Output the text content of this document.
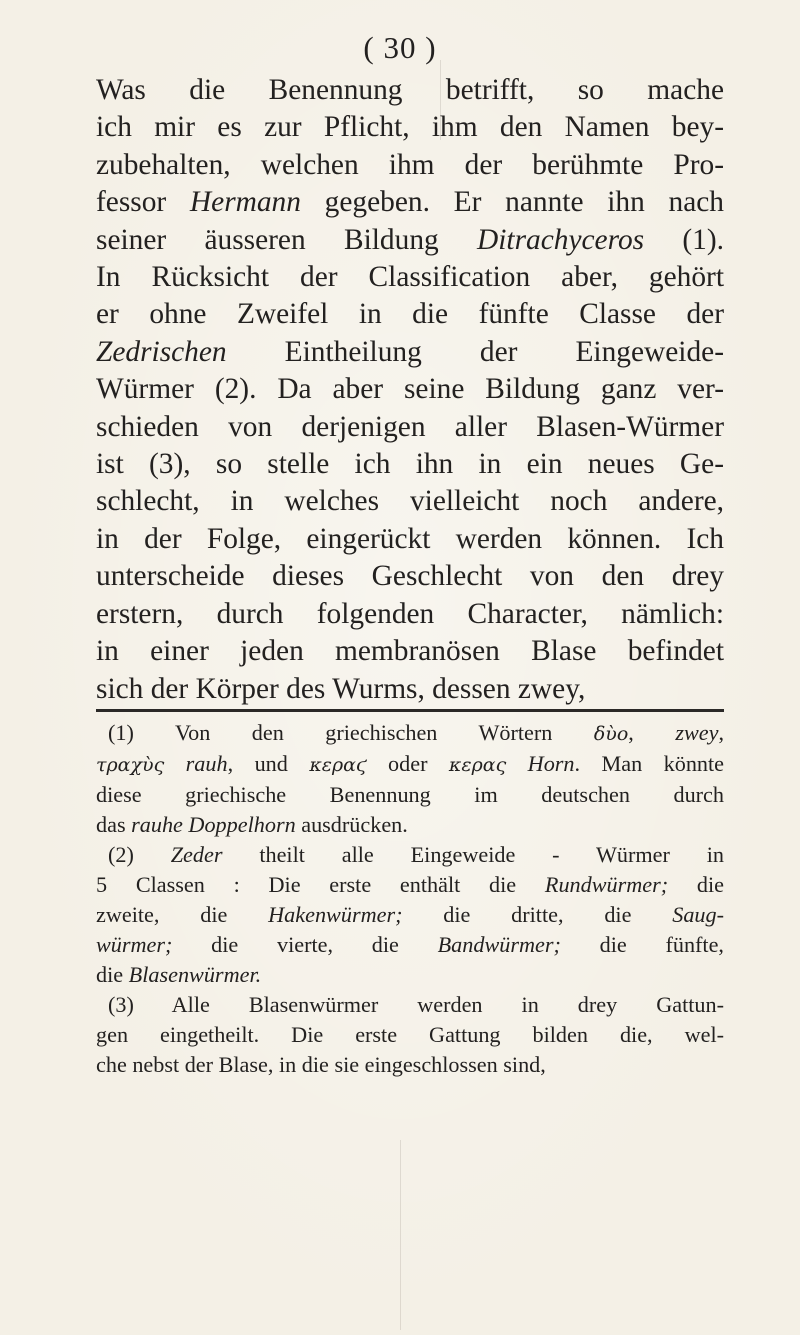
( 30 )
Was die Benennung betrifft, so mache
ich mir es zur Pflicht, ihm den Namen bey-
zubehalten, welchen ihm der berühmte Pro-
fessor Hermann gegeben. Er nannte ihn nach
seiner äusseren Bildung Ditrachyceros (1).
In Rücksicht der Classification aber, gehört
er ohne Zweifel in die fünfte Classe der
Zedrischen Eintheilung der Eingeweide-
Würmer (2). Da aber seine Bildung ganz ver-
schieden von derjenigen aller Blasen-Würmer
ist (3), so stelle ich ihn in ein neues Ge-
schlecht, in welches vielleicht noch andere,
in der Folge, eingerückt werden können. Ich
unterscheide dieses Geschlecht von den drey
erstern, durch folgenden Character, nämlich:
in einer jeden membranösen Blase befindet
sich der Körper des Wurms, dessen zwey,
(1) Von den griechischen Wörtern δὺο, zwey,
τραχὺς rauh, und κεραϛ oder κερας Horn. Man könnte
diese griechische Benennung im deutschen durch
das rauhe Doppelhorn ausdrücken.
(2) Zeder theilt alle Eingeweide - Würmer in
5 Classen : Die erste enthält die Rundwürmer; die
zweite, die Hakenwürmer; die dritte, die Saug-
würmer; die vierte, die Bandwürmer; die fünfte,
die Blasenwürmer.
(3) Alle Blasenwürmer werden in drey Gattun-
gen eingetheilt. Die erste Gattung bilden die, wel-
che nebst der Blase, in die sie eingeschlossen sind,
